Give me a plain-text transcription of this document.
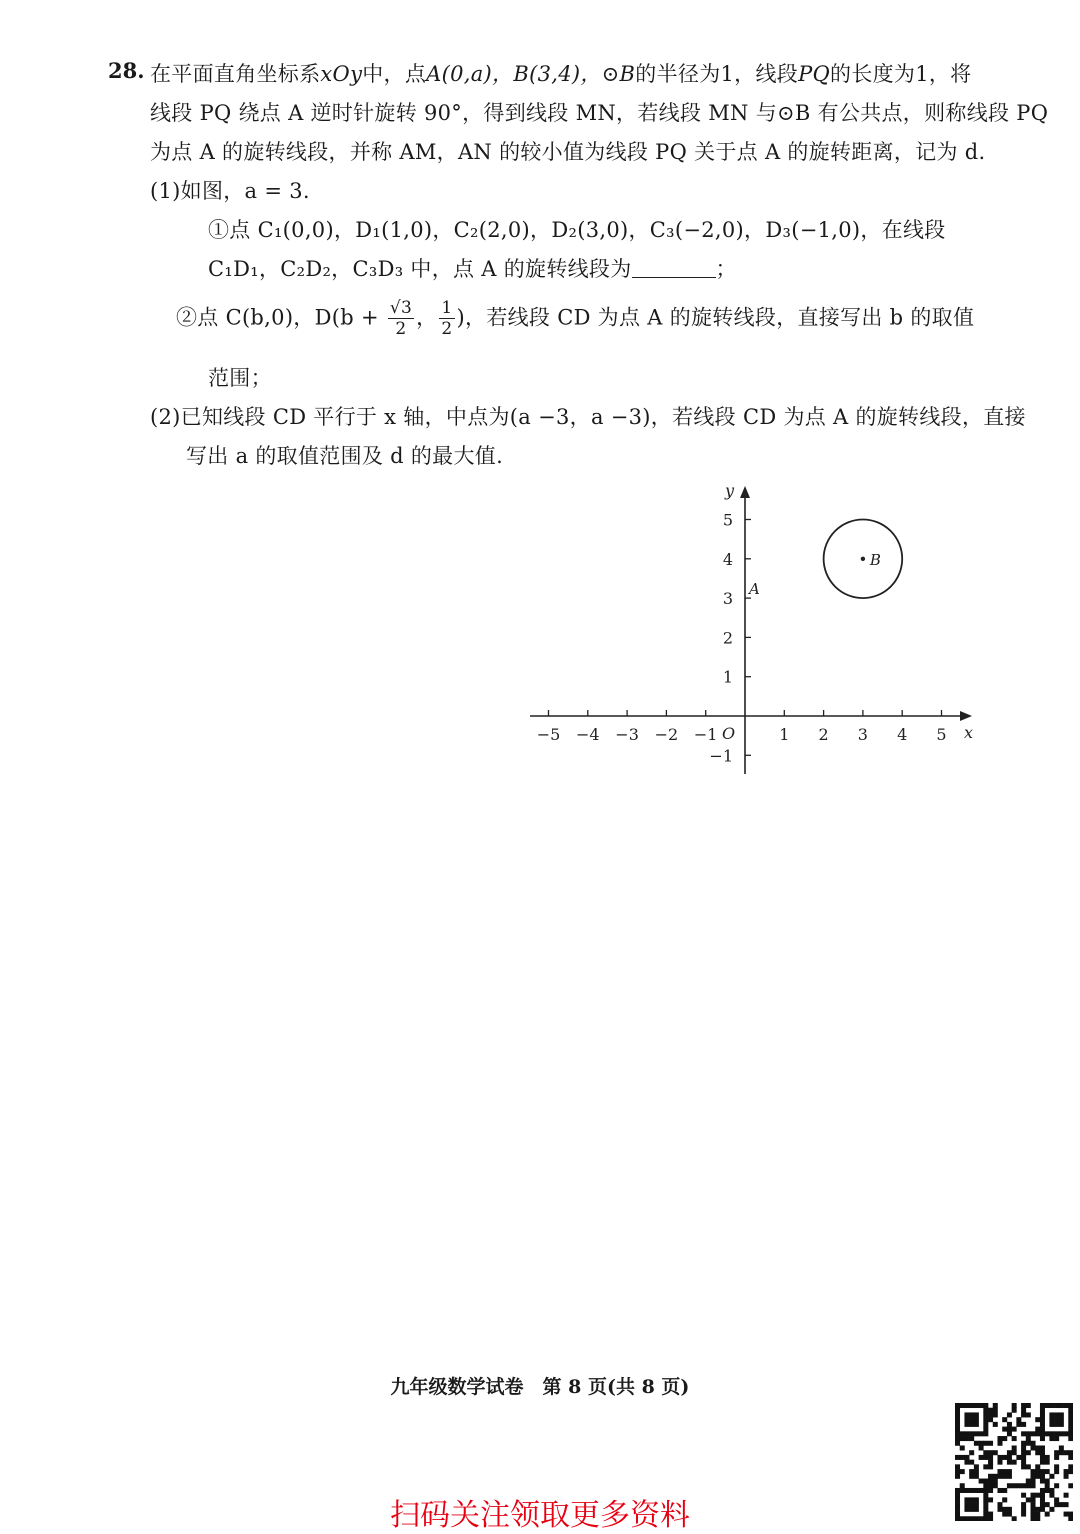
28. 在平面直角坐标系xOy中，点A(0,a)，B(3,4)，⊙B的半径为1，线段PQ的长度为1，将
线段 PQ 绕点 A 逆时针旋转 90°，得到线段 MN，若线段 MN 与⊙B 有公共点，则称线段 PQ
为点 A 的旋转线段，并称 AM，AN 的较小值为线段 PQ 关于点 A 的旋转距离，记为 d.
(1)如图，a = 3.
①点 C₁(0,0)，D₁(1,0)，C₂(2,0)，D₂(3,0)，C₃(−2,0)，D₃(−1,0)，在线段
C₁D₁，C₂D₂，C₃D₃ 中，点 A 的旋转线段为	；
②点 C(b,0)，$D(b + \frac{√3}{2}$ ， $\frac{1}{2}$ )，若线段 CD 为点 A 的旋转线段，直接写出 b 的取值
范围；
(2)已知线段 CD 平行于 x 轴，中点为(a −3，a −3)，若线段 CD 为点 A 的旋转线段，直接
写出 a 的取值范围及 d 的最大值.
x
y
O
−5 −4 −3 −2 −1	1 2 3 4 5
5
4
3
2
1
−1
A
B
九年级数学试卷　第 8 页(共 8 页)
扫码关注领取更多资料
